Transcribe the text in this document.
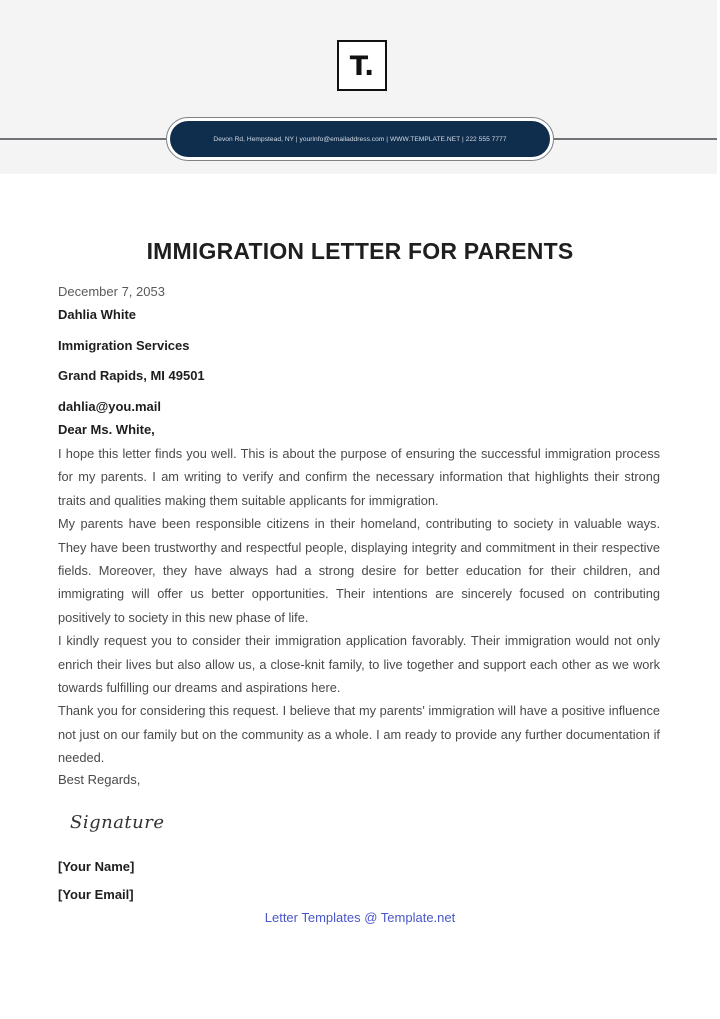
T.
Devon Rd, Hempstead, NY | yourinfo@emailaddress.com | WWW.TEMPLATE.NET | 222 555 7777
IMMIGRATION LETTER FOR PARENTS
December 7, 2053
Dahlia White
Immigration Services
Grand Rapids, MI 49501
dahlia@you.mail
Dear Ms. White,

I hope this letter finds you well. This is about the purpose of ensuring the successful immigration process for my parents. I am writing to verify and confirm the necessary information that highlights their strong traits and qualities making them suitable applicants for immigration.

My parents have been responsible citizens in their homeland, contributing to society in valuable ways. They have been trustworthy and respectful people, displaying integrity and commitment in their respective fields. Moreover, they have always had a strong desire for better education for their children, and immigrating will offer us better opportunities. Their intentions are sincerely focused on contributing positively to society in this new phase of life.

I kindly request you to consider their immigration application favorably. Their immigration would not only enrich their lives but also allow us, a close-knit family, to live together and support each other as we work towards fulfilling our dreams and aspirations here.

Thank you for considering this request. I believe that my parents' immigration will have a positive influence not just on our family but on the community as a whole. I am ready to provide any further documentation if needed.

Best Regards,
Signature
[Your Name]
[Your Email]
Letter Templates @ Template.net
